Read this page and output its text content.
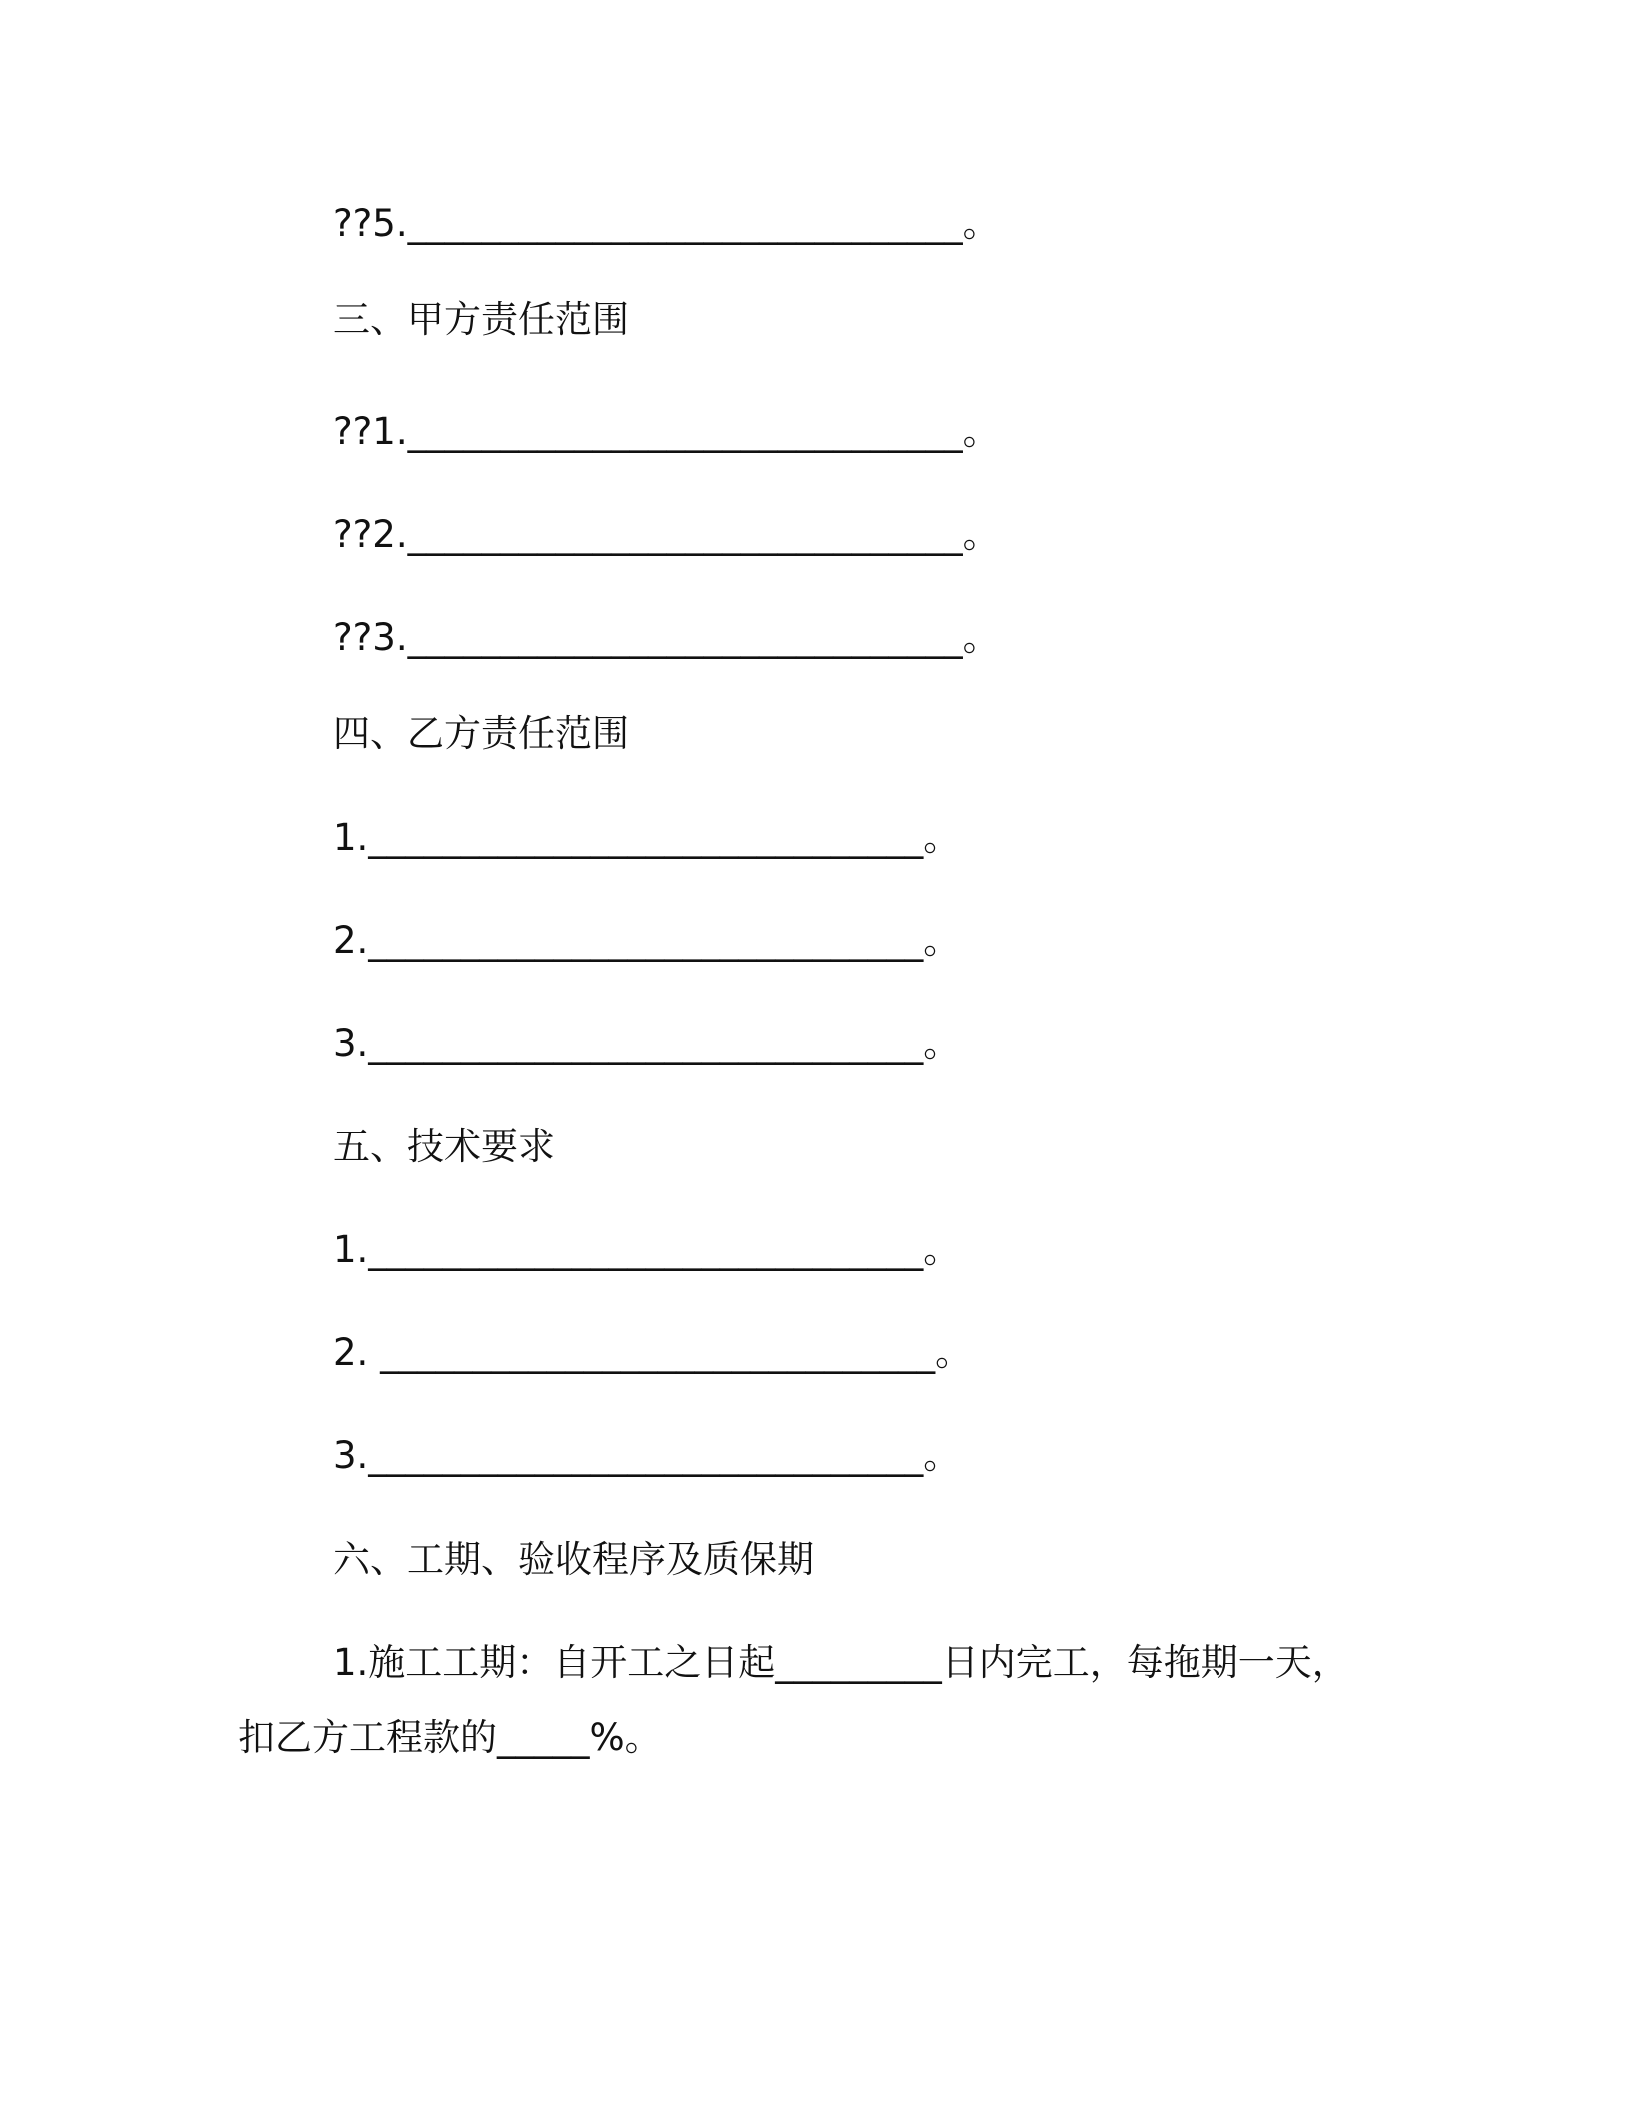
??5.______________________________。
三、甲方责任范围
??1.______________________________。
??2.______________________________。
??3.______________________________。
四、乙方责任范围
1.______________________________。
2.______________________________。
3.______________________________。
五、技术要求
1.______________________________。
2. ______________________________。
3.______________________________。
六、工期、验收程序及质保期
1.施工工期：自开工之日起_________日内完工，每拖期一天，
扣乙方工程款的_____%。
